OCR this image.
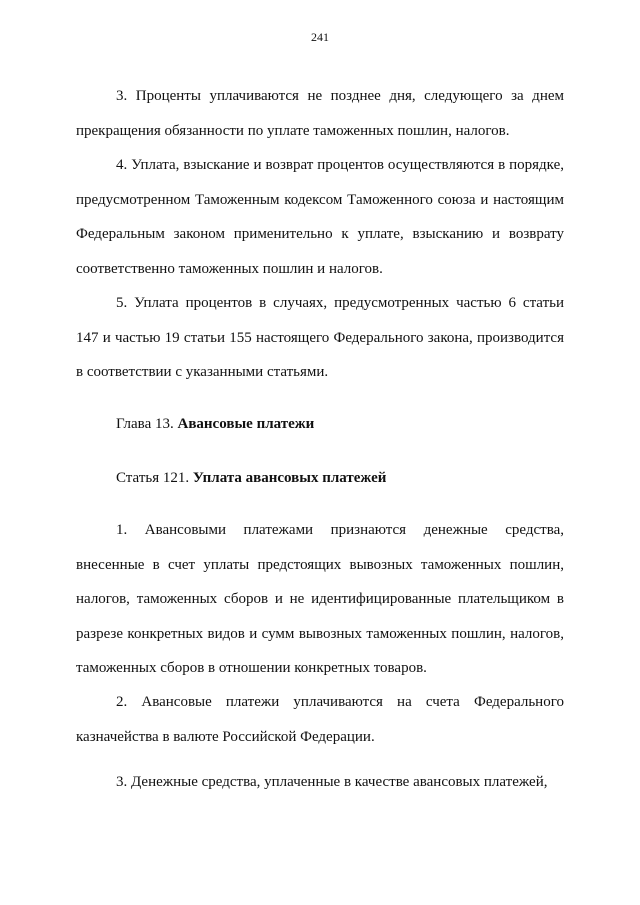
241

3. Проценты уплачиваются не позднее дня, следующего за днем прекращения обязанности по уплате таможенных пошлин, налогов.

4. Уплата, взыскание и возврат процентов осуществляются в порядке, предусмотренном Таможенным кодексом Таможенного союза и настоящим Федеральным законом применительно к уплате, взысканию и возврату соответственно таможенных пошлин и налогов.

5. Уплата процентов в случаях, предусмотренных частью 6 статьи 147 и частью 19 статьи 155 настоящего Федерального закона, производится в соответствии с указанными статьями.

Глава 13. Авансовые платежи
Статья 121. Уплата авансовых платежей

1. Авансовыми платежами признаются денежные средства, внесенные в счет уплаты предстоящих вывозных таможенных пошлин, налогов, таможенных сборов и не идентифицированные плательщиком в разрезе конкретных видов и сумм вывозных таможенных пошлин, налогов, таможенных сборов в отношении конкретных товаров.

2. Авансовые платежи уплачиваются на счета Федерального казначейства в валюте Российской Федерации.

3. Денежные средства, уплаченные в качестве авансовых платежей,
